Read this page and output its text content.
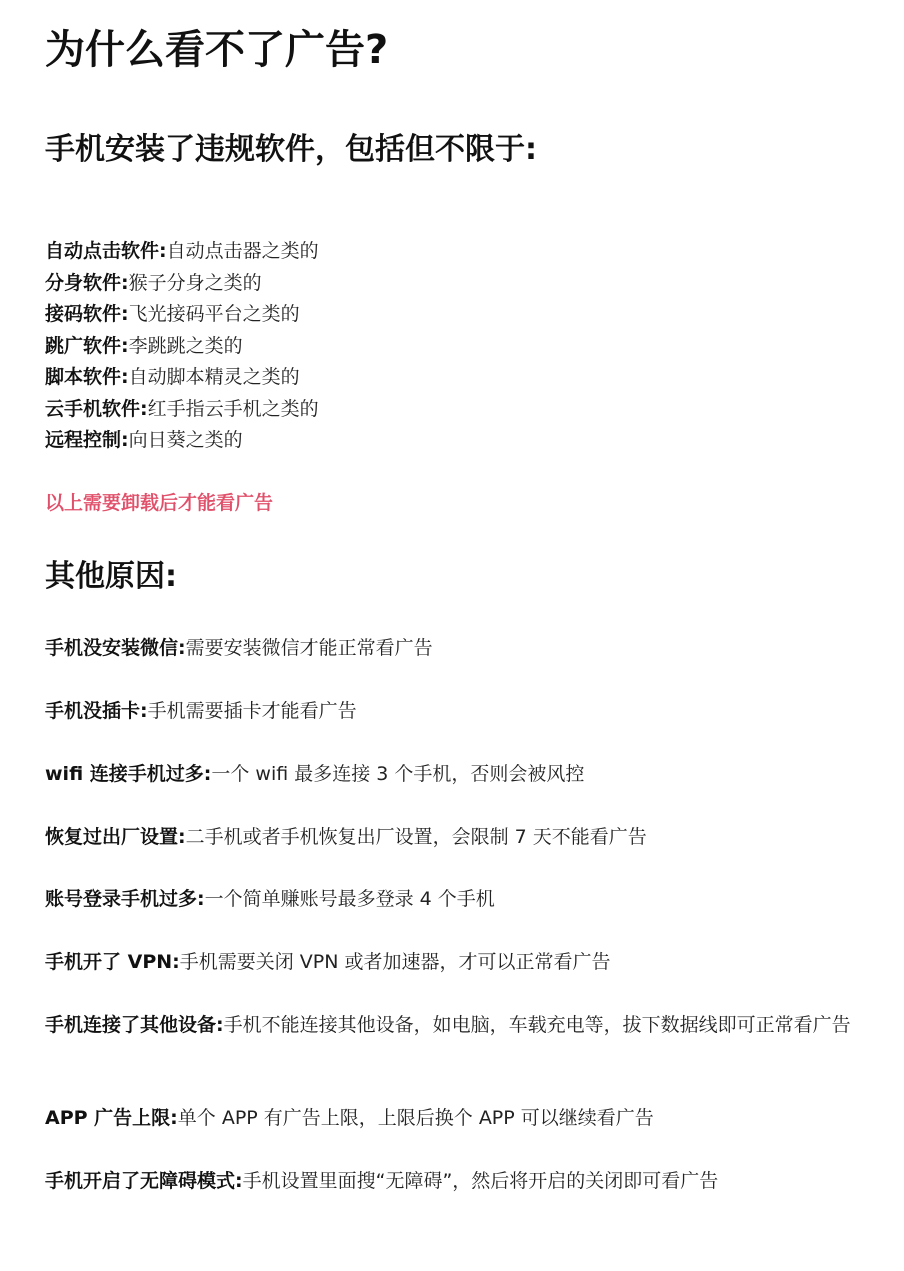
为什么看不了广告?
手机安装了违规软件，包括但不限于:
自动点击软件:自动点击器之类的
分身软件:猴子分身之类的
接码软件:飞光接码平台之类的
跳广软件:李跳跳之类的
脚本软件:自动脚本精灵之类的
云手机软件:红手指云手机之类的
远程控制:向日葵之类的

以上需要卸载后才能看广告

其他原因:
手机没安装微信:需要安装微信才能正常看广告
手机没插卡:手机需要插卡才能看广告
wifi 连接手机过多:一个 wifi 最多连接 3 个手机，否则会被风控
恢复过出厂设置:二手机或者手机恢复出厂设置，会限制 7 天不能看广告
账号登录手机过多:一个简单赚账号最多登录 4 个手机
手机开了 VPN:手机需要关闭 VPN 或者加速器，才可以正常看广告
手机连接了其他设备:手机不能连接其他设备，如电脑，车载充电等，拔下数据线即可正常看广告
APP 广告上限:单个 APP 有广告上限，上限后换个 APP 可以继续看广告
手机开启了无障碍模式:手机设置里面搜“无障碍”，然后将开启的关闭即可看广告
